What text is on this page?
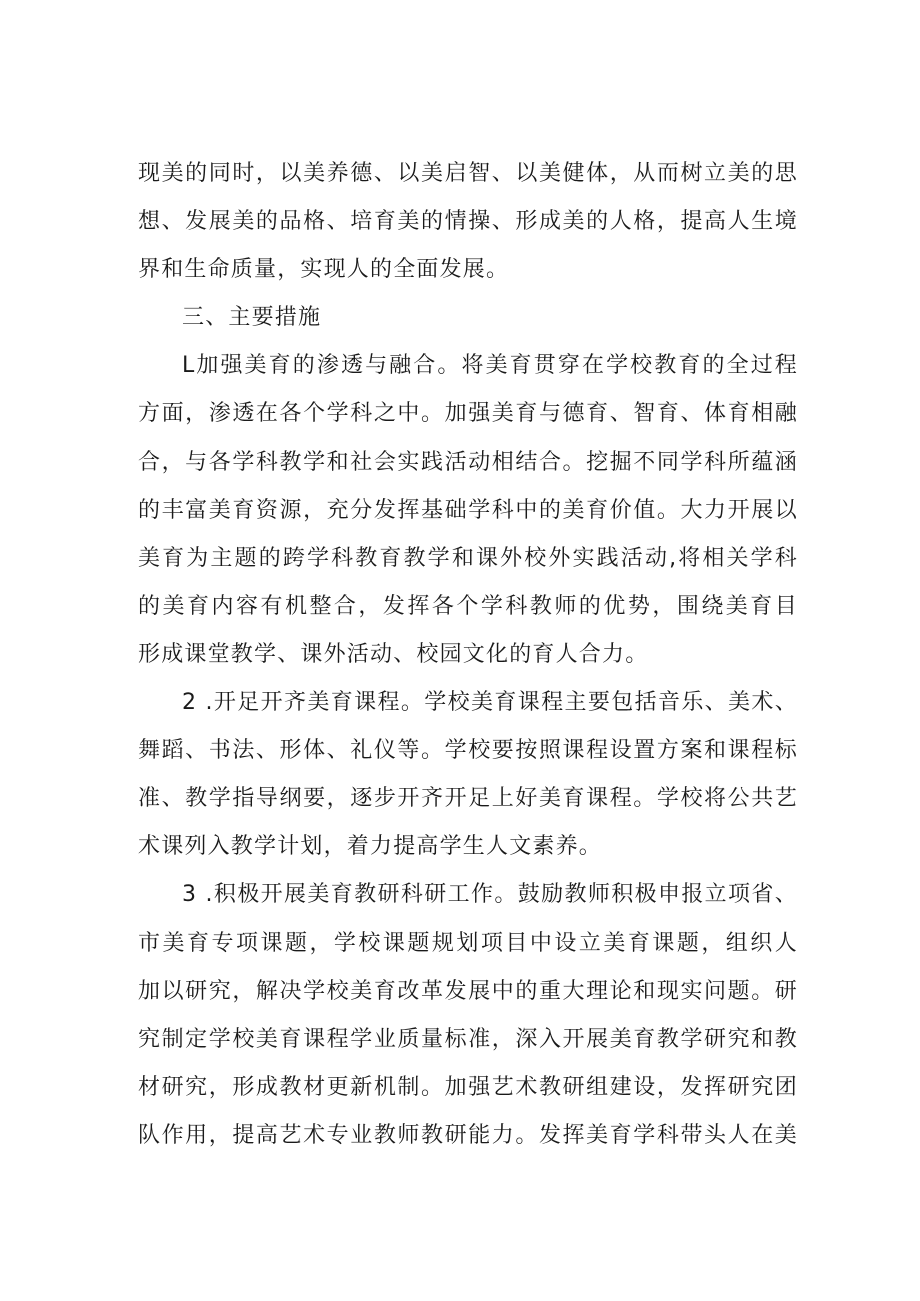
现美的同时，以美养德、以美启智、以美健体，从而树立美的思
想、发展美的品格、培育美的情操、形成美的人格，提高人生境
界和生命质量，实现人的全面发展。
三、主要措施
L加强美育的渗透与融合。将美育贯穿在学校教育的全过程
方面，渗透在各个学科之中。加强美育与德育、智育、体育相融
合，与各学科教学和社会实践活动相结合。挖掘不同学科所蕴涵
的丰富美育资源，充分发挥基础学科中的美育价值。大力开展以
美育为主题的跨学科教育教学和课外校外实践活动,将相关学科
的美育内容有机整合，发挥各个学科教师的优势，围绕美育目
形成课堂教学、课外活动、校园文化的育人合力。
2 .开足开齐美育课程。学校美育课程主要包括音乐、美术、
舞蹈、书法、形体、礼仪等。学校要按照课程设置方案和课程标
准、教学指导纲要，逐步开齐开足上好美育课程。学校将公共艺
术课列入教学计划，着力提高学生人文素养。
3 .积极开展美育教研科研工作。鼓励教师积极申报立项省、
市美育专项课题，学校课题规划项目中设立美育课题，组织人
加以研究，解决学校美育改革发展中的重大理论和现实问题。研
究制定学校美育课程学业质量标准，深入开展美育教学研究和教
材研究，形成教材更新机制。加强艺术教研组建设，发挥研究团
队作用，提高艺术专业教师教研能力。发挥美育学科带头人在美
